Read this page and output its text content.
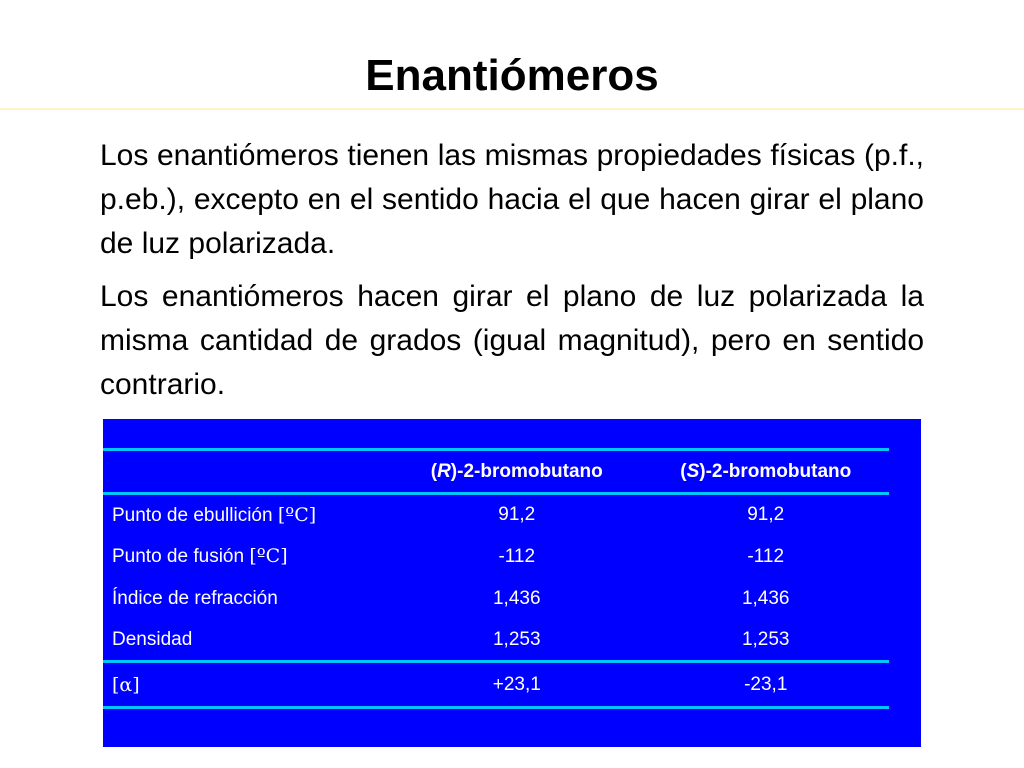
Enantiómeros

Los enantiómeros tienen las mismas propiedades físicas (p.f., p.eb.), excepto en el sentido hacia el que hacen girar el plano de luz polarizada.

Los enantiómeros hacen girar el plano de luz polarizada la misma cantidad de grados (igual magnitud), pero en sentido contrario.

	(R)-2-bromobutano	(S)-2-bromobutano
Punto de ebullición [ºC]	91,2	91,2
Punto de fusión [ºC]	-112	-112
Índice de refracción	1,436	1,436
Densidad	1,253	1,253
[α]	+23,1	-23,1
